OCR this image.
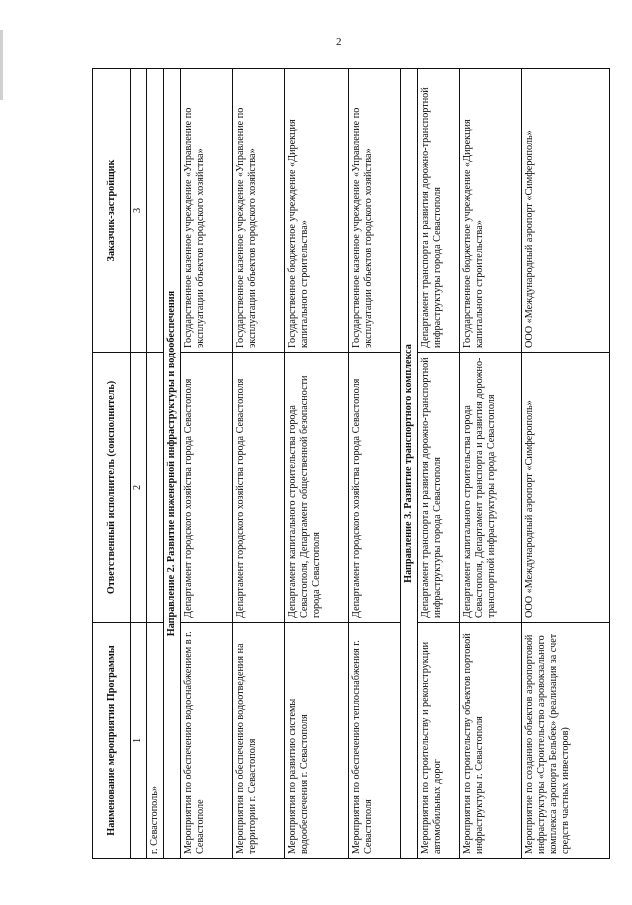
2
Наименование мероприятия Программы	Ответственный исполнитель (соисполнитель)	Заказчик-застройщик
1	2	3
г. Севастополь»		
Направление 2. Развитие инженерной инфраструктуры и водообеспечения		
Мероприятия по обеспечению водоснабжением в г. Севастополе	Департамент городского хозяйства города Севастополя	Государственное казенное учреждение «Управление по эксплуатации объектов городского хозяйства»
Мероприятия по обеспечению водоотведения на территории г. Севастополя	Департамент городского хозяйства города Севастополя	Государственное казенное учреждение «Управление по эксплуатации объектов городского хозяйства»
Мероприятия по развитию системы водообеспечения г. Севастополя	Департамент капитального строительства города Севастополя, Департамент общественной безопасности города Севастополя	Государственное бюджетное учреждение «Дирекция капитального строительства»
Мероприятия по обеспечению теплоснабжения г. Севастополя	Департамент городского хозяйства города Севастополя	Государственное казенное учреждение «Управление по эксплуатации объектов городского хозяйства»
Направление 3. Развитие транспортного комплекса		
Мероприятия по строительству и реконструкции автомобильных дорог	Департамент транспорта и развития дорожно-транспортной инфраструктуры города Севастополя	Департамент транспорта и развития дорожно-транспортной инфраструктуры города Севастополя
Мероприятия по строительству объектов портовой инфраструктуры г. Севастополя	Департамент капитального строительства города Севастополя, Департамент транспорта и развития дорожно-транспортной инфраструктуры города Севастополя	Государственное бюджетное учреждение «Дирекция капитального строительства»
Мероприятие по созданию объектов аэропортовой инфраструктуры «Строительство аэровокзального комплекса аэропорта Бельбек» (реализация за счет средств частных инвесторов)	ООО «Международный аэропорт «Симферополь»	ООО «Международный аэропорт «Симферополь»
